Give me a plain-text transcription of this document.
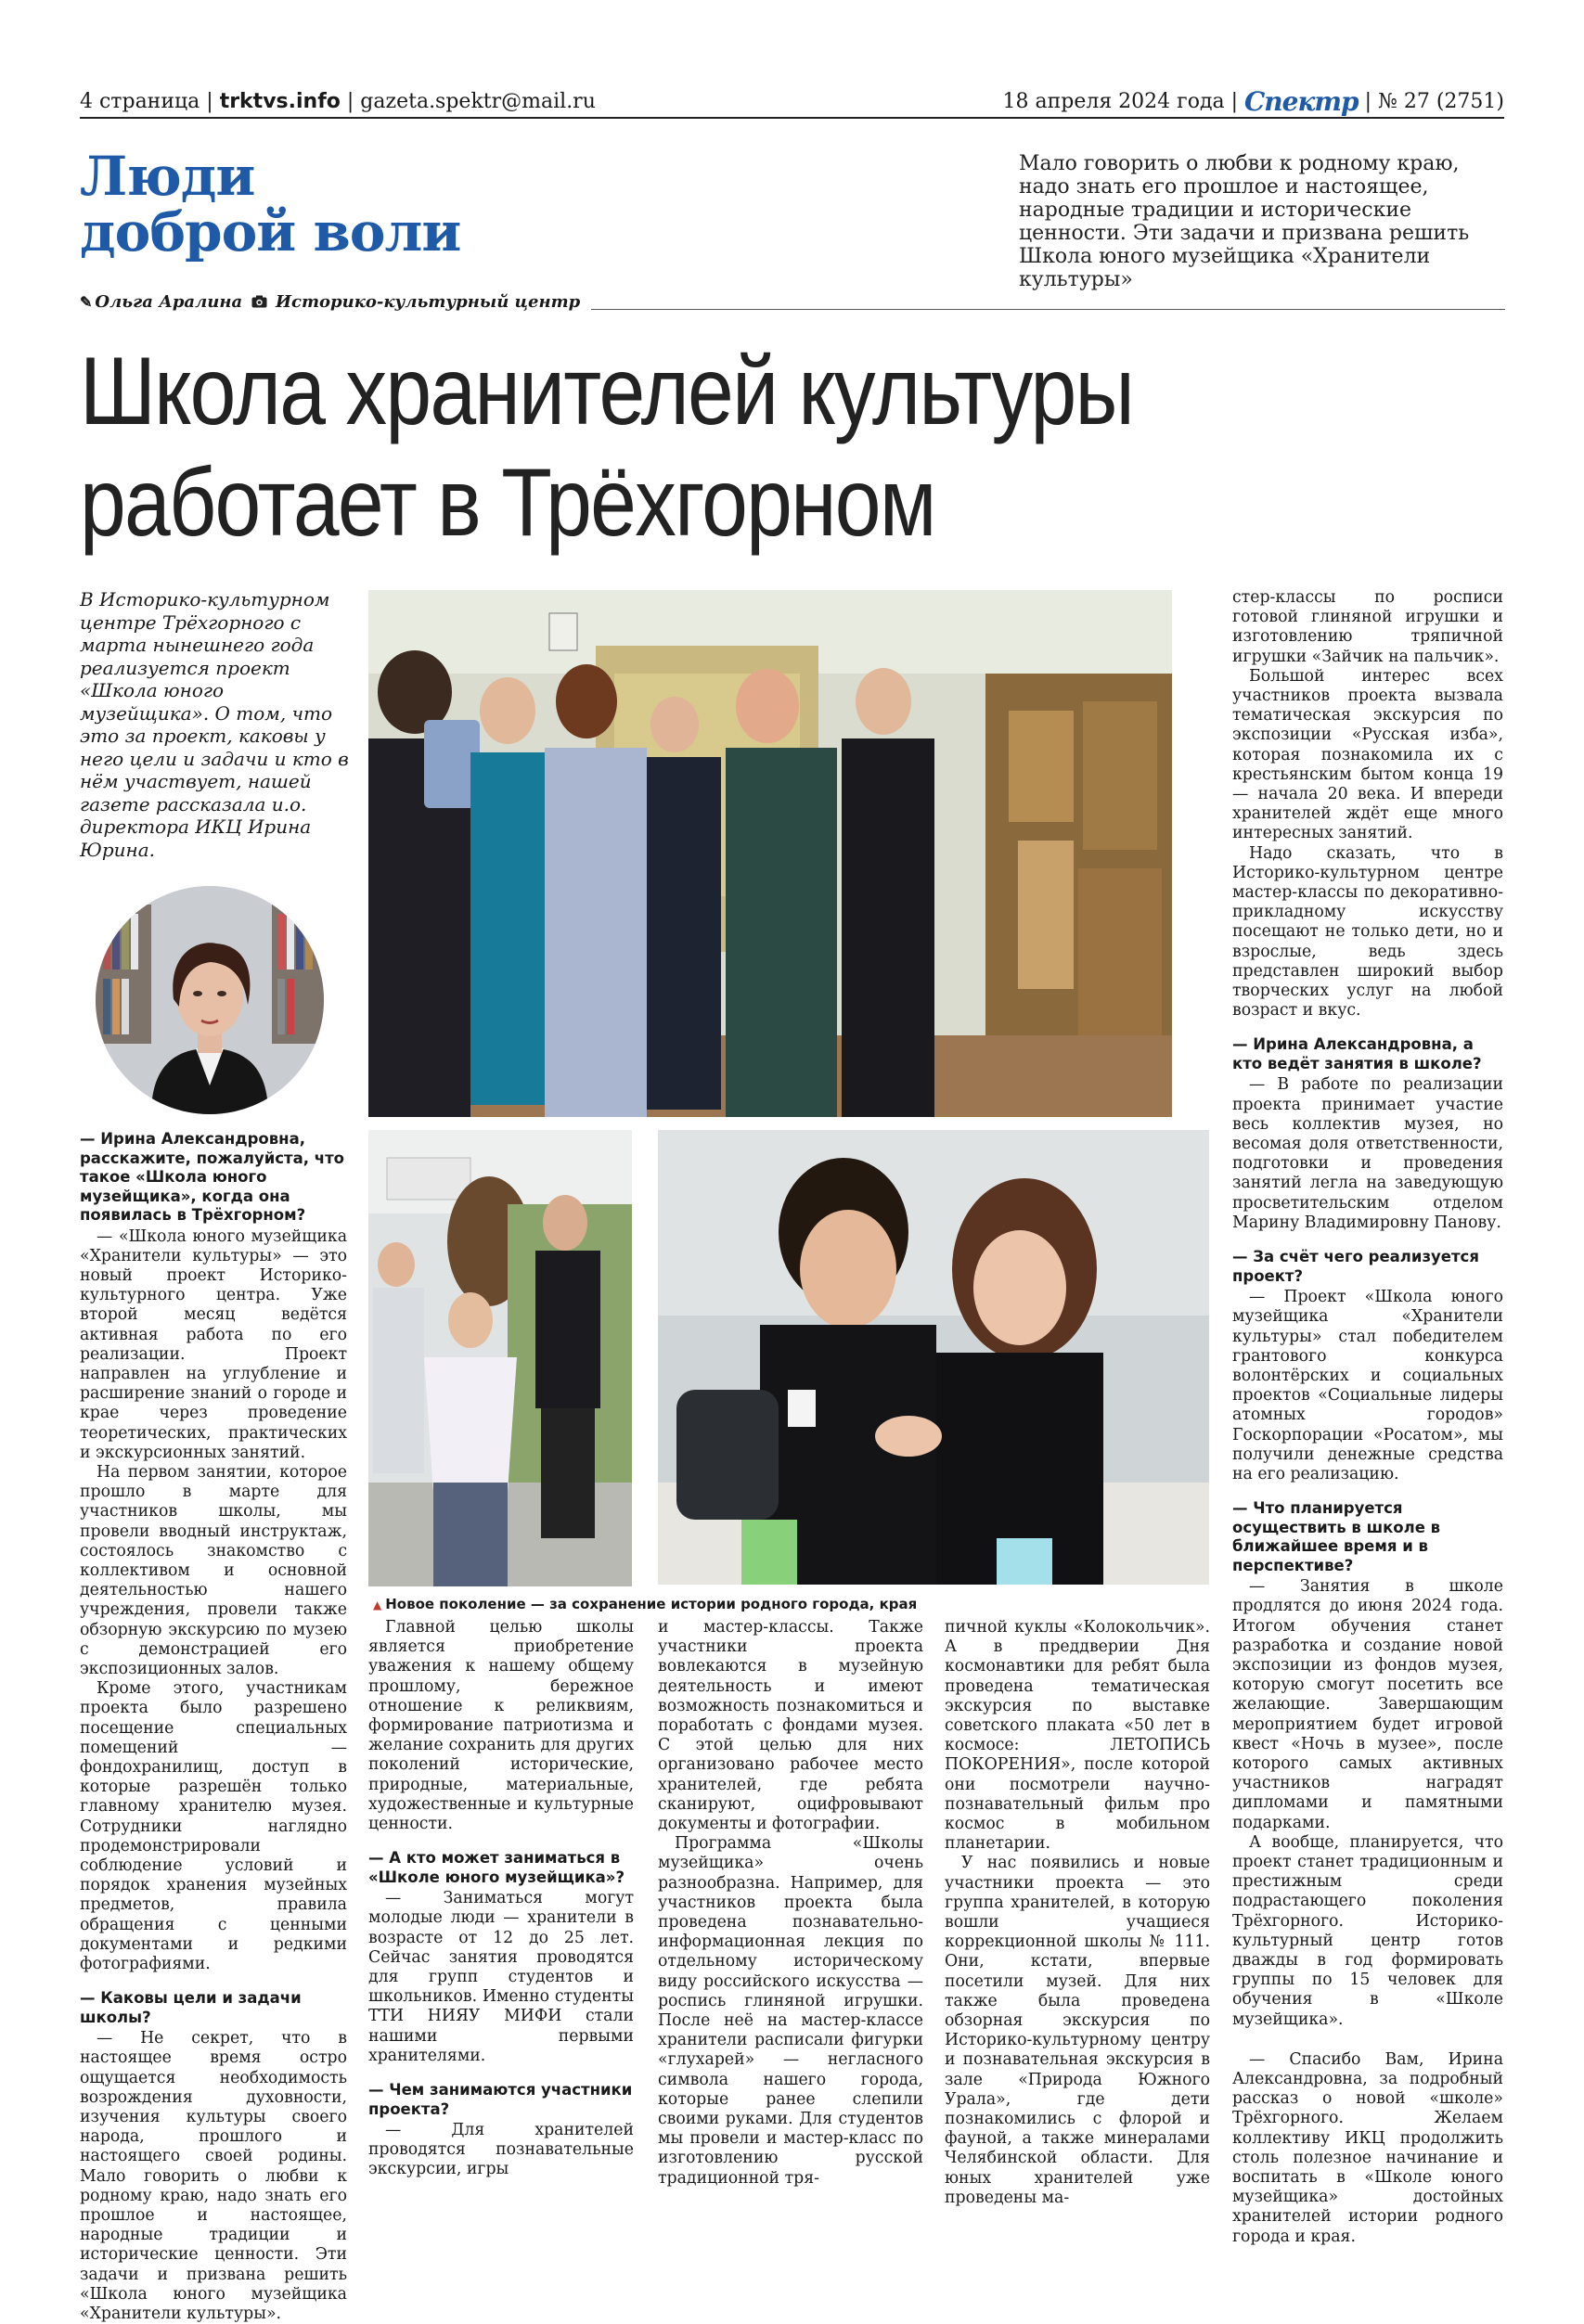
4 страница | trktvs.info | gazeta.spektr@mail.ru	18 апреля 2024 года | Спектр | № 27 (2751)
Люди
доброй воли
Мало говорить о любви к родному краю, надо знать его прошлое и настоящее, народные традиции и исторические ценности. Эти задачи и призвана решить Школа юного музейщика «Хранители культуры»
✎ Ольга Аралина Историко-культурный центр
Школа хранителей культуры
работает в Трёхгорном
В Историко-культурном центре Трёхгорного с марта нынешнего года реализуется проект «Школа юного музейщика». О том, что это за проект, каковы у него цели и задачи и кто в нём участвует, нашей газете рассказала и.о. директора ИКЦ Ирина Юрина.

— Ирина Александровна, расскажите, пожалуйста, что такое «Школа юного музейщика», когда она появилась в Трёхгорном?

— «Школа юного музейщика «Хранители культуры» — это новый проект Историко-культурного центра. Уже второй месяц ведётся активная работа по его реализации. Проект направлен на углубление и расширение знаний о городе и крае через проведение теоретических, практических и экскурсионных занятий.

На первом занятии, которое прошло в марте для участников школы, мы провели вводный инструктаж, состоялось знакомство с коллективом и основной деятельностью нашего учреждения, провели также обзорную экскурсию по музею с демонстрацией его экспозиционных залов.

Кроме этого, участникам проекта было разрешено посещение специальных помещений — фондохранилищ, доступ в которые разрешён только главному хранителю музея. Сотрудники наглядно продемонстрировали соблюдение условий и порядок хранения музейных предметов, правила обращения с ценными документами и редкими фотографиями.

— Каковы цели и задачи школы?

— Не секрет, что в настоящее время остро ощущается необходимость возрождения духовности, изучения культуры своего народа, прошлого и настоящего своей родины. Мало говорить о любви к родному краю, надо знать его прошлое и настоящее, народные традиции и исторические ценности. Эти задачи и призвана решить «Школа юного музейщика «Хранители культуры».

▲ Новое поколение — за сохранение истории родного города, края

Главной целью школы является приобретение уважения к нашему общему прошлому, бережное отношение к реликвиям, формирование патриотизма и желание сохранить для других поколений исторические, природные, материальные, художественные и культурные ценности.

— А кто может заниматься в «Школе юного музейщика»?

— Заниматься могут молодые люди — хранители в возрасте от 12 до 25 лет. Сейчас занятия проводятся для групп студентов и школьников. Именно студенты ТТИ НИЯУ МИФИ стали нашими первыми хранителями.

— Чем занимаются участники проекта?

— Для хранителей проводятся познавательные экскурсии, игры

и мастер-классы. Также участники проекта вовлекаются в музейную деятельность и имеют возможность познакомиться и поработать с фондами музея. С этой целью для них организовано рабочее место хранителей, где ребята сканируют, оцифровывают документы и фотографии.

Программа «Школы музейщика» очень разнообразна. Например, для участников проекта была проведена познавательно-информационная лекция по отдельному историческому виду российского искусства — роспись глиняной игрушки. После неё на мастер-классе хранители расписали фигурки «глухарей» — негласного символа нашего города, которые ранее слепили своими руками. Для студентов мы провели и мастер-класс по изготовлению русской традиционной тря-

пичной куклы «Колокольчик». А в преддверии Дня космонавтики для ребят была проведена тематическая экскурсия по выставке советского плаката «50 лет в космосе: ЛЕТОПИСЬ ПОКОРЕНИЯ», после которой они посмотрели научно-познавательный фильм про космос в мобильном планетарии.

У нас появились и новые участники проекта — это группа хранителей, в которую вошли учащиеся коррекционной школы № 111. Они, кстати, впервые посетили музей. Для них также была проведена обзорная экскурсия по Историко-культурному центру и познавательная экскурсия в зале «Природа Южного Урала», где дети познакомились с флорой и фауной, а также минералами Челябинской области. Для юных хранителей уже проведены ма-

стер-классы по росписи готовой глиняной игрушки и изготовлению тряпичной игрушки «Зайчик на пальчик».

Большой интерес всех участников проекта вызвала тематическая экскурсия по экспозиции «Русская изба», которая познакомила их с крестьянским бытом конца 19 — начала 20 века. И впереди хранителей ждёт еще много интересных занятий.

Надо сказать, что в Историко-культурном центре мастер-классы по декоративно-прикладному искусству посещают не только дети, но и взрослые, ведь здесь представлен широкий выбор творческих услуг на любой возраст и вкус.

— Ирина Александровна, а кто ведёт занятия в школе?

— В работе по реализации проекта принимает участие весь коллектив музея, но весомая доля ответственности, подготовки и проведения занятий легла на заведующую просветительским отделом Марину Владимировну Панову.

— За счёт чего реализуется проект?

— Проект «Школа юного музейщика «Хранители культуры» стал победителем грантового конкурса волонтёрских и социальных проектов «Социальные лидеры атомных городов» Госкорпорации «Росатом», мы получили денежные средства на его реализацию.

— Что планируется осуществить в школе в ближайшее время и в перспективе?

— Занятия в школе продлятся до июня 2024 года. Итогом обучения станет разработка и создание новой экспозиции из фондов музея, которую смогут посетить все желающие. Завершающим мероприятием будет игровой квест «Ночь в музее», после которого самых активных участников наградят дипломами и памятными подарками.

А вообще, планируется, что проект станет традиционным и престижным среди подрастающего поколения Трёхгорного. Историко-культурный центр готов дважды в год формировать группы по 15 человек для обучения в «Школе музейщика».

— Спасибо Вам, Ирина Александровна, за подробный рассказ о новой «школе» Трёхгорного. Желаем коллективу ИКЦ продолжить столь полезное начинание и воспитать в «Школе юного музейщика» достойных хранителей истории родного города и края.
